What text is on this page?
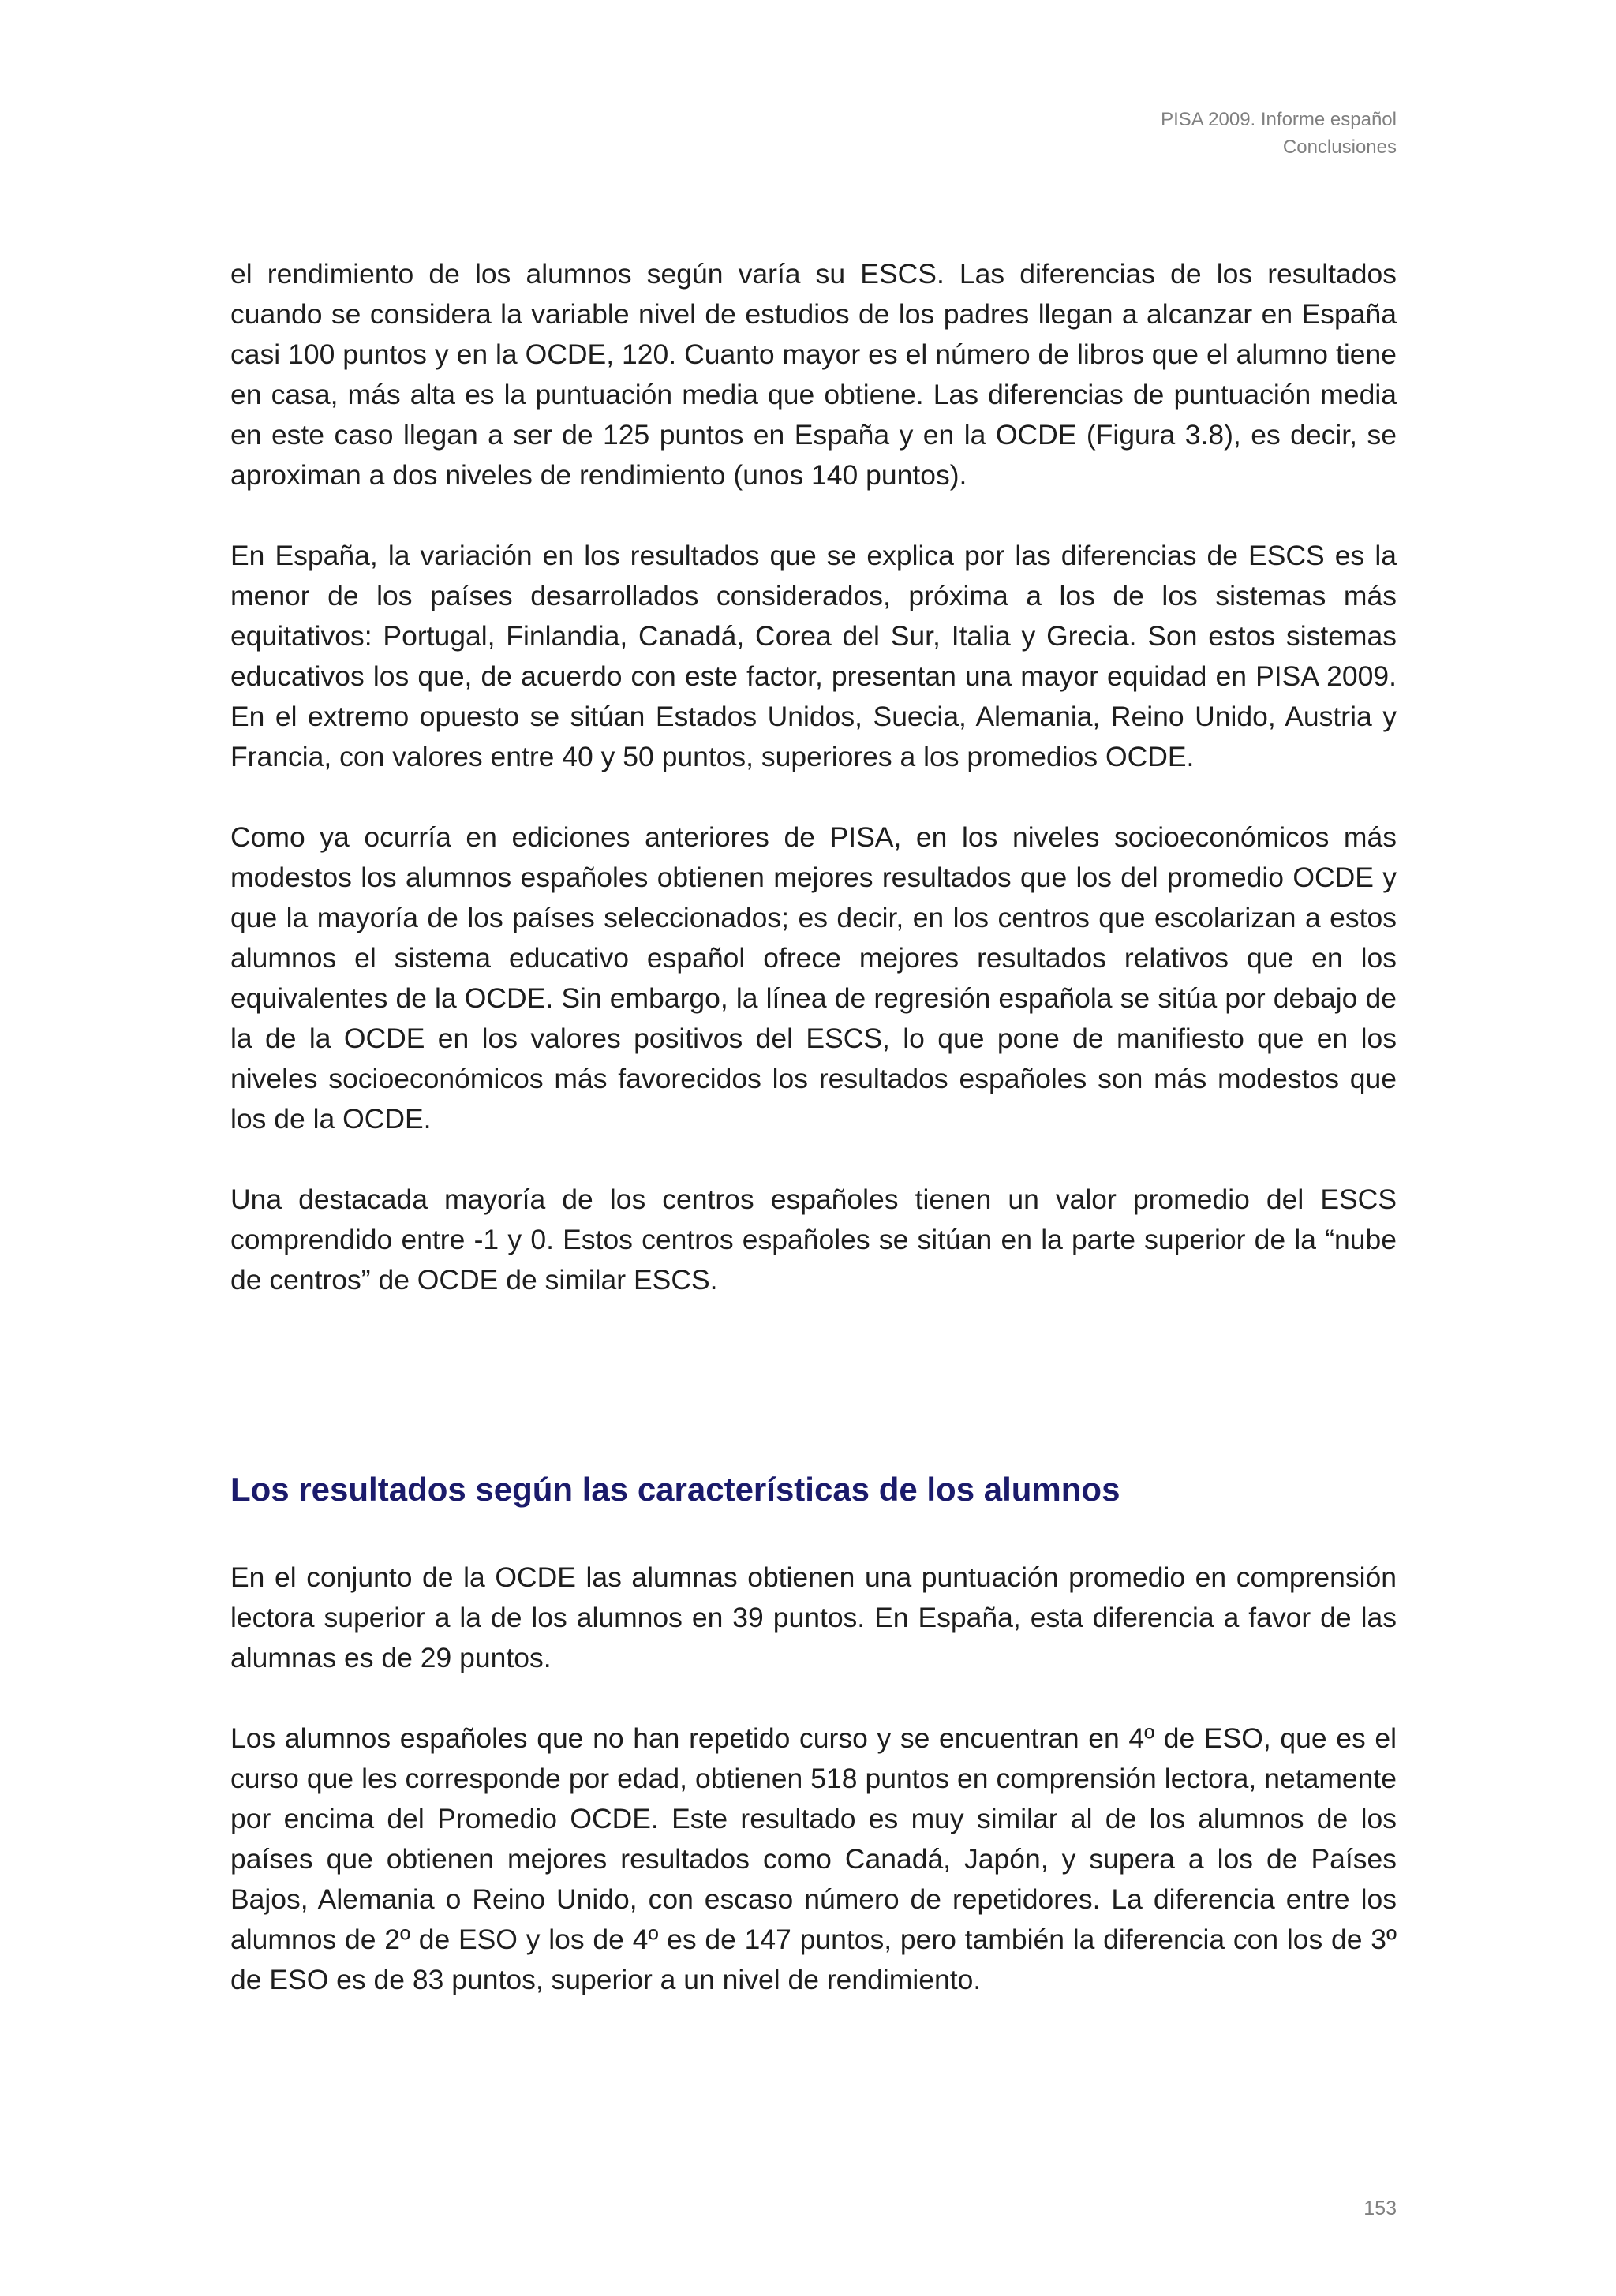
PISA 2009. Informe español
Conclusiones

el rendimiento de los alumnos según varía su ESCS. Las diferencias de los resultados cuando se considera la variable nivel de estudios de los padres llegan a alcanzar en España casi 100 puntos y en la OCDE, 120. Cuanto mayor es el número de libros que el alumno tiene en casa, más alta es la puntuación media que obtiene. Las diferencias de puntuación media en este caso llegan a ser de 125 puntos en España y en la OCDE (Figura 3.8), es decir, se aproximan a dos niveles de rendimiento (unos 140 puntos).

En España, la variación en los resultados que se explica por las diferencias de ESCS es la menor de los países desarrollados considerados, próxima a los de los sistemas más equitativos: Portugal, Finlandia, Canadá, Corea del Sur, Italia y Grecia. Son estos sistemas educativos los que, de acuerdo con este factor, presentan una mayor equidad en PISA 2009. En el extremo opuesto se sitúan Estados Unidos, Suecia, Alemania, Reino Unido, Austria y Francia, con valores entre 40 y 50 puntos, superiores a los promedios OCDE.

Como ya ocurría en ediciones anteriores de PISA, en los niveles socioeconómicos más modestos los alumnos españoles obtienen mejores resultados que los del promedio OCDE y que la mayoría de los países seleccionados; es decir, en los centros que escolarizan a estos alumnos el sistema educativo español ofrece mejores resultados relativos que en los equivalentes de la OCDE. Sin embargo, la línea de regresión española se sitúa por debajo de la de la OCDE en los valores positivos del ESCS, lo que pone de manifiesto que en los niveles socioeconómicos más favorecidos los resultados españoles son más modestos que los de la OCDE.

Una destacada mayoría de los centros españoles tienen un valor promedio del ESCS comprendido entre -1 y 0. Estos centros españoles se sitúan en la parte superior de la “nube de centros” de OCDE de similar ESCS.

Los resultados según las características de los alumnos

En el conjunto de la OCDE las alumnas obtienen una puntuación promedio en comprensión lectora superior a la de los alumnos en 39 puntos. En España, esta diferencia a favor de las alumnas es de 29 puntos.

Los alumnos españoles que no han repetido curso y se encuentran en 4º de ESO, que es el curso que les corresponde por edad, obtienen 518 puntos en comprensión lectora, netamente por encima del Promedio OCDE. Este resultado es muy similar al de los alumnos de los países que obtienen mejores resultados como Canadá, Japón, y supera a los de Países Bajos, Alemania o Reino Unido, con escaso número de repetidores. La diferencia entre los alumnos de 2º de ESO y los de 4º es de 147 puntos, pero también la diferencia con los de 3º de ESO es de 83 puntos, superior a un nivel de rendimiento.

153
